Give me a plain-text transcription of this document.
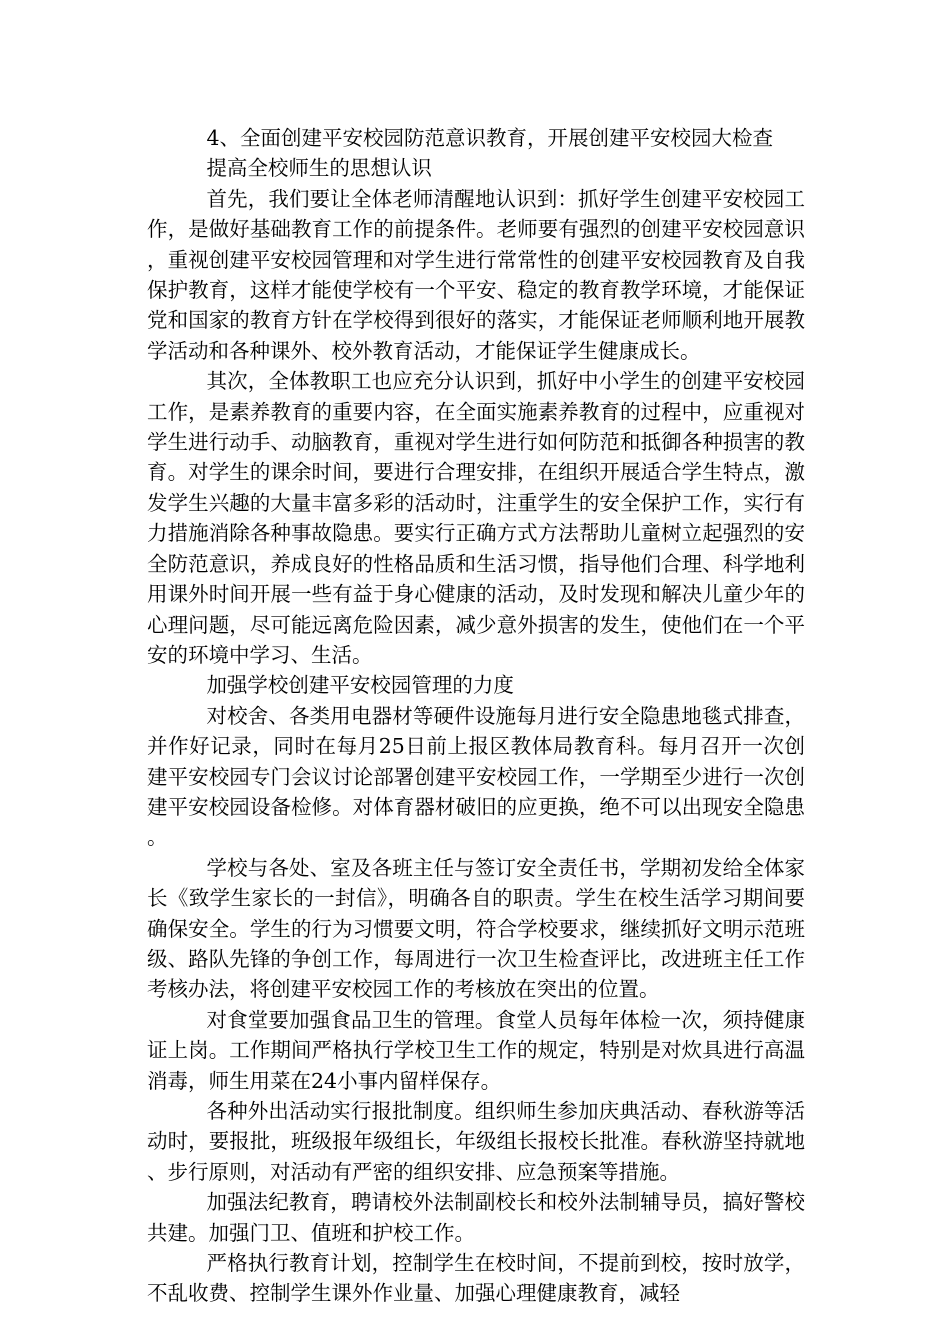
4、全面创建平安校园防范意识教育，开展创建平安校园大检查

提高全校师生的思想认识

首先，我们要让全体老师清醒地认识到：抓好学生创建平安校园工作，是做好基础教育工作的前提条件。老师要有强烈的创建平安校园意识，重视创建平安校园管理和对学生进行常常性的创建平安校园教育及自我保护教育，这样才能使学校有一个平安、稳定的教育教学环境，才能保证党和国家的教育方针在学校得到很好的落实，才能保证老师顺利地开展教学活动和各种课外、校外教育活动，才能保证学生健康成长。

其次，全体教职工也应充分认识到，抓好中小学生的创建平安校园工作，是素养教育的重要内容，在全面实施素养教育的过程中，应重视对学生进行动手、动脑教育，重视对学生进行如何防范和抵御各种损害的教育。对学生的课余时间，要进行合理安排，在组织开展适合学生特点，激发学生兴趣的大量丰富多彩的活动时，注重学生的安全保护工作，实行有力措施消除各种事故隐患。要实行正确方式方法帮助儿童树立起强烈的安全防范意识，养成良好的性格品质和生活习惯，指导他们合理、科学地利用课外时间开展一些有益于身心健康的活动，及时发现和解决儿童少年的心理问题，尽可能远离危险因素，减少意外损害的发生，使他们在一个平安的环境中学习、生活。

加强学校创建平安校园管理的力度

对校舍、各类用电器材等硬件设施每月进行安全隐患地毯式排查，并作好记录，同时在每月25日前上报区教体局教育科。每月召开一次创建平安校园专门会议讨论部署创建平安校园工作，一学期至少进行一次创建平安校园设备检修。对体育器材破旧的应更换，绝不可以出现安全隐患。

学校与各处、室及各班主任与签订安全责任书，学期初发给全体家长《致学生家长的一封信》，明确各自的职责。学生在校生活学习期间要确保安全。学生的行为习惯要文明，符合学校要求，继续抓好文明示范班级、路队先锋的争创工作，每周进行一次卫生检查评比，改进班主任工作考核办法，将创建平安校园工作的考核放在突出的位置。

对食堂要加强食品卫生的管理。食堂人员每年体检一次，须持健康证上岗。工作期间严格执行学校卫生工作的规定，特别是对炊具进行高温消毒，师生用菜在24小事内留样保存。

各种外出活动实行报批制度。组织师生参加庆典活动、春秋游等活动时，要报批，班级报年级组长，年级组长报校长批准。春秋游坚持就地、步行原则，对活动有严密的组织安排、应急预案等措施。

加强法纪教育，聘请校外法制副校长和校外法制辅导员，搞好警校共建。加强门卫、值班和护校工作。

严格执行教育计划，控制学生在校时间，不提前到校，按时放学，不乱收费、控制学生课外作业量、加强心理健康教育，减轻
